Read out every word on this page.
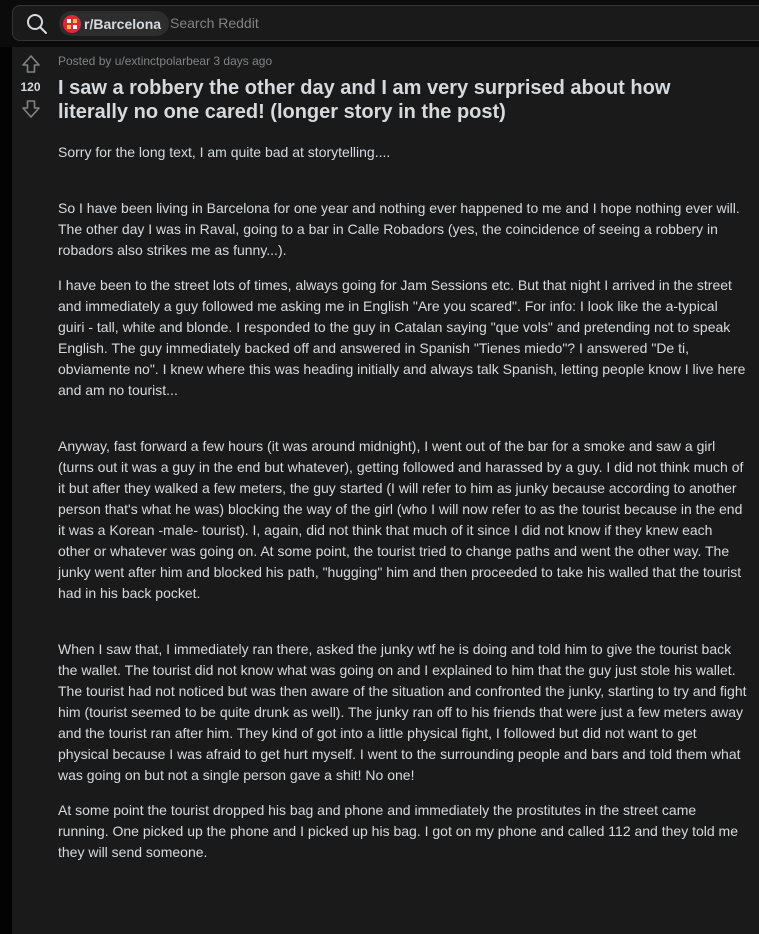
r/Barcelona Search Reddit
120
Posted by u/extinctpolarbear 3 days ago
I saw a robbery the other day and I am very surprised about how literally no one cared! (longer story in the post)

Sorry for the long text, I am quite bad at storytelling....

So I have been living in Barcelona for one year and nothing ever happened to me and I hope nothing ever will. The other day I was in Raval, going to a bar in Calle Robadors (yes, the coincidence of seeing a robbery in robadors also strikes me as funny...).

I have been to the street lots of times, always going for Jam Sessions etc. But that night I arrived in the street and immediately a guy followed me asking me in English "Are you scared". For info: I look like the a-typical guiri - tall, white and blonde. I responded to the guy in Catalan saying "que vols" and pretending not to speak English. The guy immediately backed off and answered in Spanish "Tienes miedo"? I answered "De ti, obviamente no". I knew where this was heading initially and always talk Spanish, letting people know I live here and am no tourist...

Anyway, fast forward a few hours (it was around midnight), I went out of the bar for a smoke and saw a girl (turns out it was a guy in the end but whatever), getting followed and harassed by a guy. I did not think much of it but after they walked a few meters, the guy started (I will refer to him as junky because according to another person that's what he was) blocking the way of the girl (who I will now refer to as the tourist because in the end it was a Korean -male- tourist). I, again, did not think that much of it since I did not know if they knew each other or whatever was going on. At some point, the tourist tried to change paths and went the other way. The junky went after him and blocked his path, "hugging" him and then proceeded to take his walled that the tourist had in his back pocket.

When I saw that, I immediately ran there, asked the junky wtf he is doing and told him to give the tourist back the wallet. The tourist did not know what was going on and I explained to him that the guy just stole his wallet. The tourist had not noticed but was then aware of the situation and confronted the junky, starting to try and fight him (tourist seemed to be quite drunk as well). The junky ran off to his friends that were just a few meters away and the tourist ran after him. They kind of got into a little physical fight, I followed but did not want to get physical because I was afraid to get hurt myself. I went to the surrounding people and bars and told them what was going on but not a single person gave a shit! No one!

At some point the tourist dropped his bag and phone and immediately the prostitutes in the street came running. One picked up the phone and I picked up his bag. I got on my phone and called 112 and they told me they will send someone.
